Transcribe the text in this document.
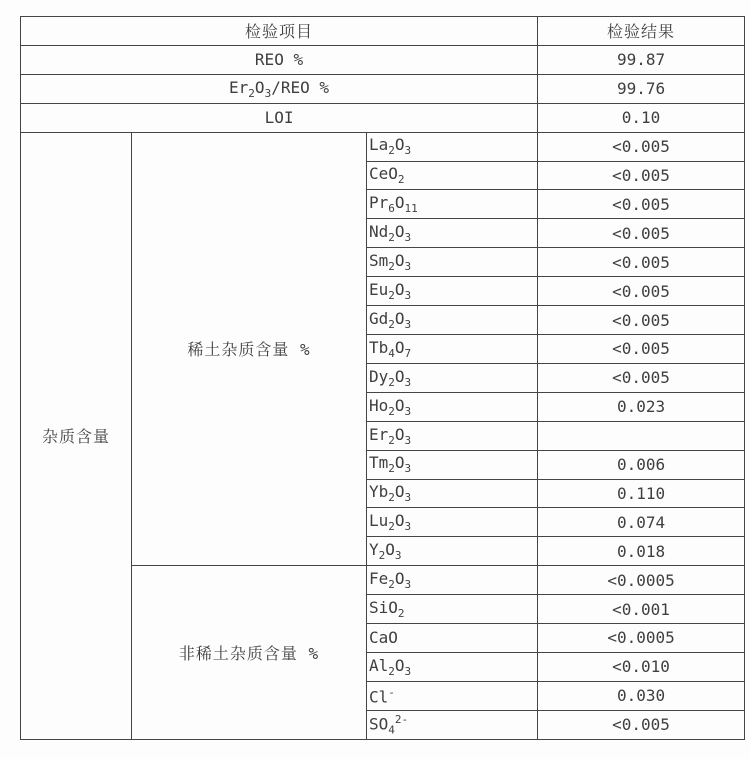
检验项目			检验结果
REO %			99.87
$Er_2O_3$/REO %			99.76
LOI			0.10
杂质含量	稀土杂质含量 %	$La_2O_3$	<0.005
		CeO$_2$	<0.005
		$Pr_6O_{11}$	<0.005
		$Nd_2O_3$	<0.005
		$Sm_2O_3$	<0.005
		$Eu_2O_3$	<0.005
		$Gd_2O_3$	<0.005
		$Tb_4O_7$	<0.005
		$Dy_2O_3$	<0.005
		$Ho_2O_3$	0.023
		$Er_2O_3$	
		$Tm_2O_3$	0.006
		$Yb_2O_3$	0.110
		$Lu_2O_3$	0.074
		$Y_2O_3$	0.018
	非稀土杂质含量 %	$Fe_2O_3$	<0.0005
		SiO$_2$	<0.001
		CaO	<0.0005
		$Al_2O_3$	<0.010
		Cl-	0.030
		$SO_4^{2-}$	<0.005
